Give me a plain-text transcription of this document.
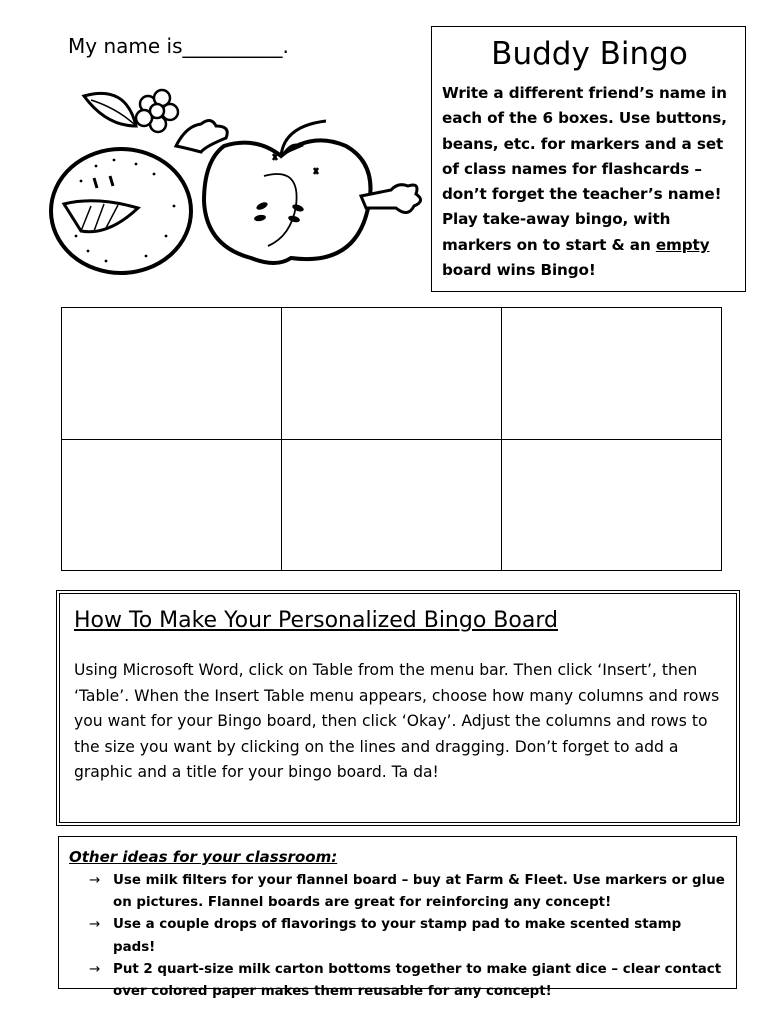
My name is__________.	Buddy Bingo

Write a different friend’s name in each of the 6 boxes. Use buttons, beans, etc. for markers and a set of class names for flashcards – don’t forget the teacher’s name! Play take-away bingo, with markers on to start & an empty board wins Bingo!

How To Make Your Personalized Bingo Board

Using Microsoft Word, click on Table from the menu bar. Then click ‘Insert’, then ‘Table’. When the Insert Table menu appears, choose how many columns and rows you want for your Bingo board, then click ‘Okay’. Adjust the columns and rows to the size you want by clicking on the lines and dragging. Don’t forget to add a graphic and a title for your bingo board. Ta da!

Other ideas for your classroom:
→ Use milk filters for your flannel board – buy at Farm & Fleet. Use markers or glue on pictures. Flannel boards are great for reinforcing any concept!
→ Use a couple drops of flavorings to your stamp pad to make scented stamp pads!
→ Put 2 quart-size milk carton bottoms together to make giant dice – clear contact over colored paper makes them reusable for any concept!
